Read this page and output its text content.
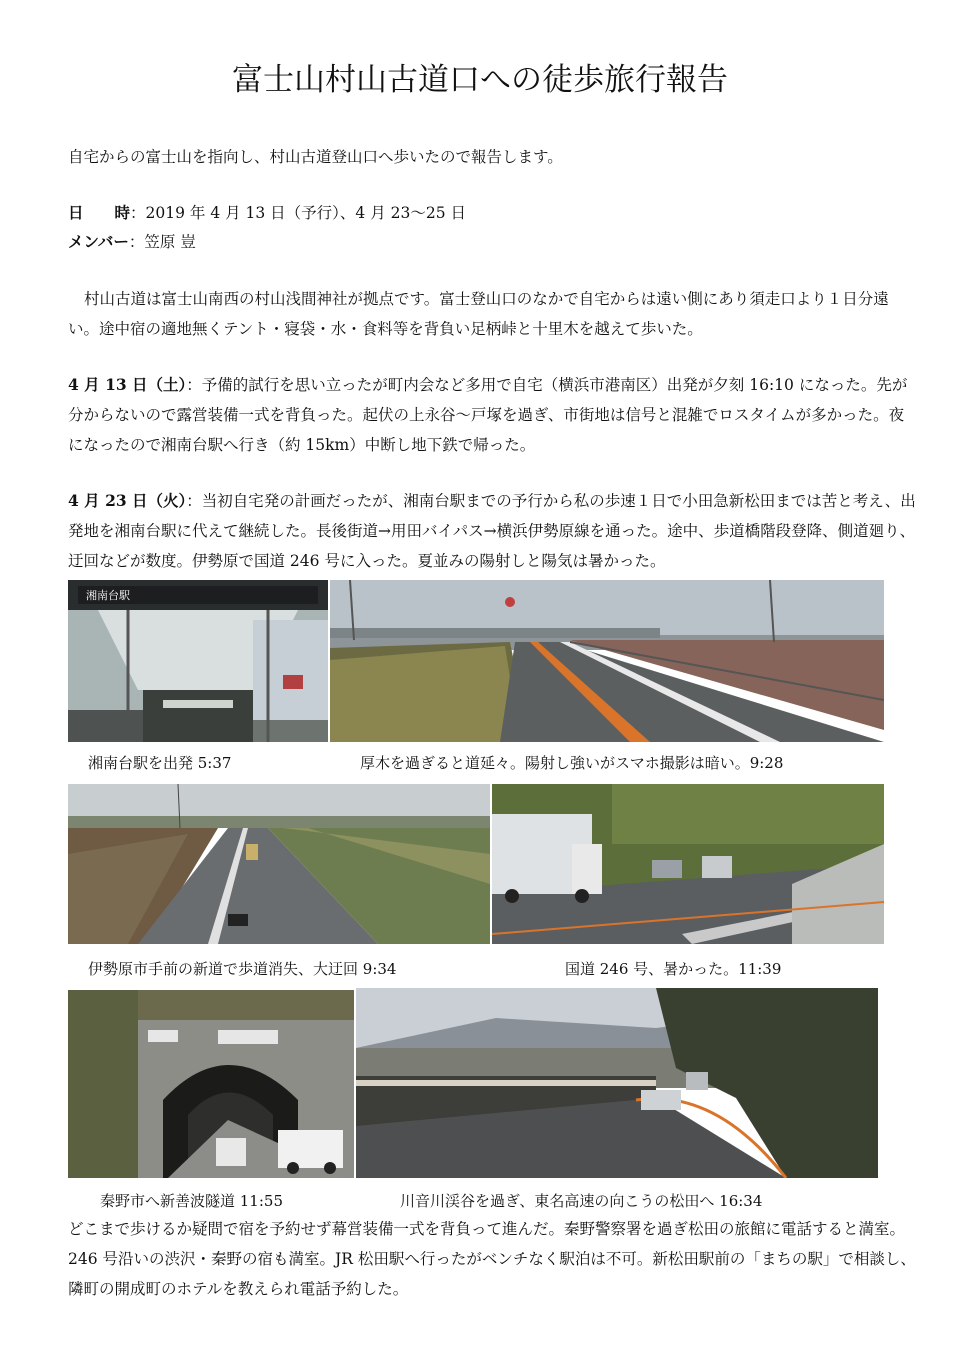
富士山村山古道口への徒歩旅行報告
自宅からの富士山を指向し、村山古道登山口へ歩いたので報告します。
日　　時：2019 年 4 月 13 日（予行）、4 月 23〜25 日
メンバー：笠原 豈
村山古道は富士山南西の村山浅間神社が拠点です。富士登山口のなかで自宅からは遠い側にあり須走口より１日分遠い。途中宿の適地無くテント・寝袋・水・食料等を背負い足柄峠と十里木を越えて歩いた。
4 月 13 日（土）：予備的試行を思い立ったが町内会など多用で自宅（横浜市港南区）出発が夕刻 16:10 になった。先が分からないので露営装備一式を背負った。起伏の上永谷〜戸塚を過ぎ、市街地は信号と混雑でロスタイムが多かった。夜になったので湘南台駅へ行き（約 15km）中断し地下鉄で帰った。
4 月 23 日（火）：当初自宅発の計画だったが、湘南台駅までの予行から私の歩速１日で小田急新松田までは苦と考え、出発地を湘南台駅に代えて継続した。長後街道→用田バイパス→横浜伊勢原線を通った。途中、歩道橋階段登降、側道廻り、迂回などが数度。伊勢原で国道 246 号に入った。夏並みの陽射しと陽気は暑かった。
湘南台駅
湘南台駅を出発 5:37	厚木を過ぎると道延々。陽射し強いがスマホ撮影は暗い。9:28
伊勢原市手前の新道で歩道消失、大迂回 9:34	国道 246 号、暑かった。11:39
秦野市へ新善波隧道 11:55	川音川渓谷を過ぎ、東名高速の向こうの松田へ 16:34
どこまで歩けるか疑問で宿を予約せず幕営装備一式を背負って進んだ。秦野警察署を過ぎ松田の旅館に電話すると満室。246 号沿いの渋沢・秦野の宿も満室。JR 松田駅へ行ったがベンチなく駅泊は不可。新松田駅前の「まちの駅」で相談し、隣町の開成町のホテルを教えられ電話予約した。
